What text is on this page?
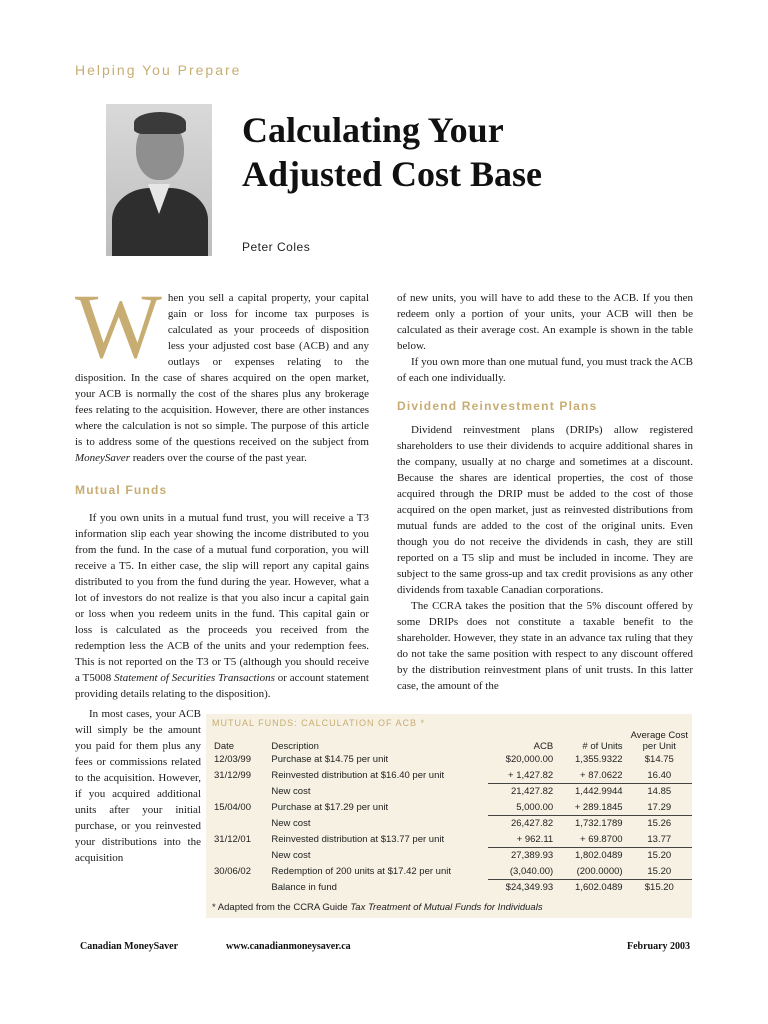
Helping You Prepare
Calculating Your
Adjusted Cost Base
Peter Coles

When you sell a capital property, your capital gain or loss for income tax purposes is calculated as your proceeds of disposition less your adjusted cost base (ACB) and any outlays or expenses relating to the disposition. In the case of shares acquired on the open market, your ACB is normally the cost of the shares plus any brokerage fees relating to the acquisition. However, there are other instances where the calculation is not so simple. The purpose of this article is to address some of the questions received on the subject from MoneySaver readers over the course of the past year.

Mutual Funds

If you own units in a mutual fund trust, you will receive a T3 information slip each year showing the income distributed to you from the fund. In the case of a mutual fund corporation, you will receive a T5. In either case, the slip will report any capital gains distributed to you from the fund during the year. However, what a lot of investors do not realize is that you also incur a capital gain or loss when you redeem units in the fund. This capital gain or loss is calculated as the proceeds you received from the redemption less the ACB of the units and your redemption fees. This is not reported on the T3 or T5 (although you should receive a T5008 Statement of Securities Transactions or account statement providing details relating to the disposition).

In most cases, your ACB will simply be the amount you paid for them plus any fees or commissions related to the acquisition. However, if you acquired additional units after your initial purchase, or you reinvested your distributions into the acquisition

of new units, you will have to add these to the ACB. If you then redeem only a portion of your units, your ACB will then be calculated as their average cost. An example is shown in the table below.

If you own more than one mutual fund, you must track the ACB of each one individually.

Dividend Reinvestment Plans

Dividend reinvestment plans (DRIPs) allow registered shareholders to use their dividends to acquire additional shares in the company, usually at no charge and sometimes at a discount. Because the shares are identical properties, the cost of those acquired through the DRIP must be added to the cost of those acquired on the open market, just as reinvested distributions from mutual funds are added to the cost of the original units. Even though you do not receive the dividends in cash, they are still reported on a T5 slip and must be included in income. They are subject to the same gross-up and tax credit provisions as any other dividends from taxable Canadian corporations.

The CCRA takes the position that the 5% discount offered by some DRIPs does not constitute a taxable benefit to the shareholder. However, they state in an advance tax ruling that they do not take the same position with respect to any discount offered by the distribution reinvestment plans of unit trusts. In this latter case, the amount of the

MUTUAL FUNDS: CALCULATION OF ACB *
Date	Description	ACB	# of Units	Average Cost
per Unit
12/03/99	Purchase at $14.75 per unit	$20,000.00	1,355.9322	$14.75
31/12/99	Reinvested distribution at $16.40 per unit	+ 1,427.82	+ 87.0622	16.40
	New cost	21,427.82	1,442.9944	14.85
15/04/00	Purchase at $17.29 per unit	5,000.00	+ 289.1845	17.29
	New cost	26,427.82	1,732.1789	15.26
31/12/01	Reinvested distribution at $13.77 per unit	+ 962.11	+ 69.8700	13.77
	New cost	27,389.93	1,802.0489	15.20
30/06/02	Redemption of 200 units at $17.42 per unit	(3,040.00)	(200.0000)	15.20
	Balance in fund	$24,349.93	1,602.0489	$15.20
* Adapted from the CCRA Guide Tax Treatment of Mutual Funds for Individuals
Canadian MoneySaver	www.canadianmoneysaver.ca	February 2003
